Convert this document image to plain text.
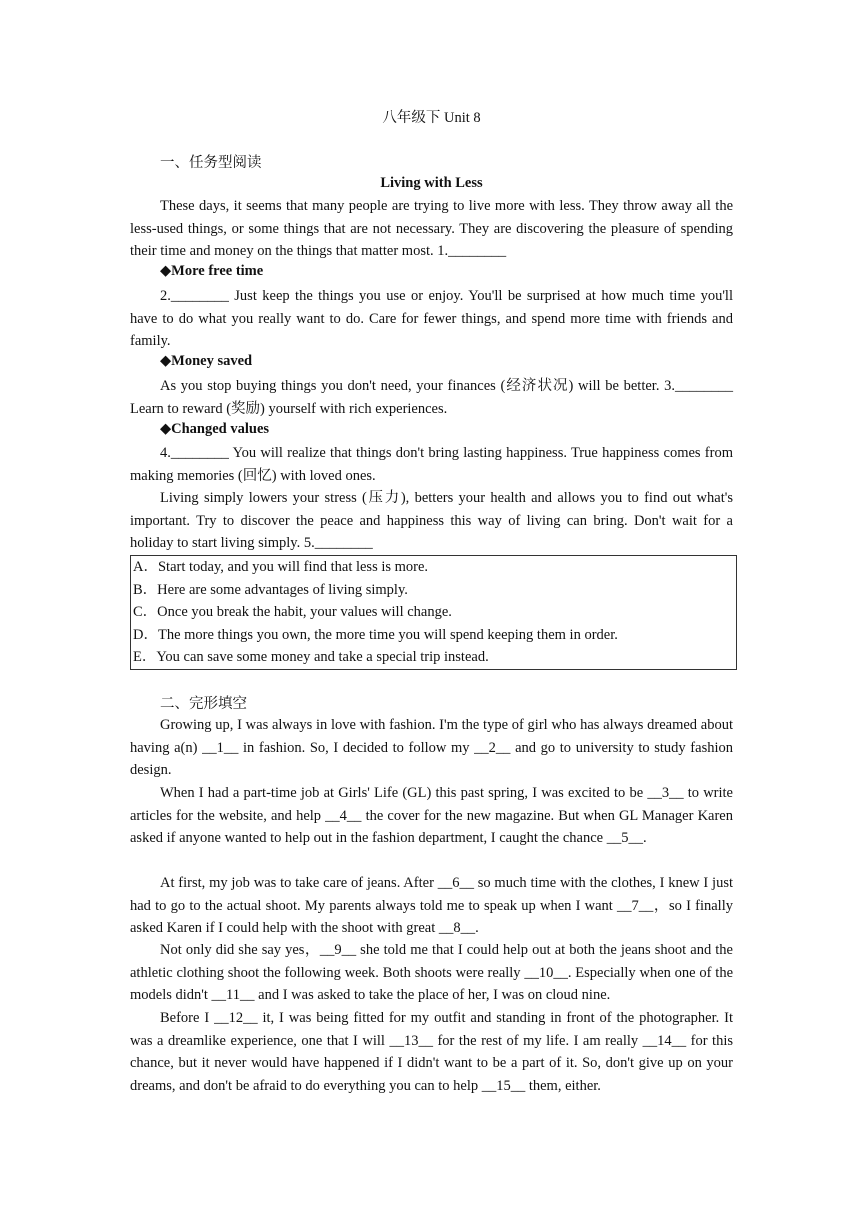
八年级下 Unit 8
一、任务型阅读
Living with Less

These days, it seems that many people are trying to live more with less. They throw away all the less-used things, or some things that are not necessary. They are discovering the pleasure of spending their time and money on the things that matter most. 1.________

◆More free time

2.________ Just keep the things you use or enjoy. You'll be surprised at how much time you'll have to do what you really want to do. Care for fewer things, and spend more time with friends and family.

◆Money saved

As you stop buying things you don't need, your finances (经济状况) will be better. 3.________ Learn to reward (奖励) yourself with rich experiences.

◆Changed values

4.________ You will realize that things don't bring lasting happiness. True happiness comes from making memories (回忆) with loved ones.

Living simply lowers your stress (压力), betters your health and allows you to find out what's important. Try to discover the peace and happiness this way of living can bring. Don't wait for a holiday to start living simply. 5.________

A．Start today, and you will find that less is more.
B．Here are some advantages of living simply.
C．Once you break the habit, your values will change.
D．The more things you own, the more time you will spend keeping them in order.
E．You can save some money and take a special trip instead.
二、完形填空

Growing up, I was always in love with fashion. I'm the type of girl who has always dreamed about having a(n) __1__ in fashion. So, I decided to follow my __2__ and go to university to study fashion design.

When I had a part-time job at Girls' Life (GL) this past spring, I was excited to be __3__ to write articles for the website, and help __4__ the cover for the new magazine. But when GL Manager Karen asked if anyone wanted to help out in the fashion department, I caught the chance __5__.

At first, my job was to take care of jeans. After __6__ so much time with the clothes, I knew I just had to go to the actual shoot. My parents always told me to speak up when I want __7__，so I finally asked Karen if I could help with the shoot with great __8__.

Not only did she say yes，__9__ she told me that I could help out at both the jeans shoot and the athletic clothing shoot the following week. Both shoots were really __10__. Especially when one of the models didn't __11__ and I was asked to take the place of her, I was on cloud nine.

Before I __12__ it, I was being fitted for my outfit and standing in front of the photographer. It was a dreamlike experience, one that I will __13__ for the rest of my life. I am really __14__ for this chance, but it never would have happened if I didn't want to be a part of it. So, don't give up on your dreams, and don't be afraid to do everything you can to help __15__ them, either.
